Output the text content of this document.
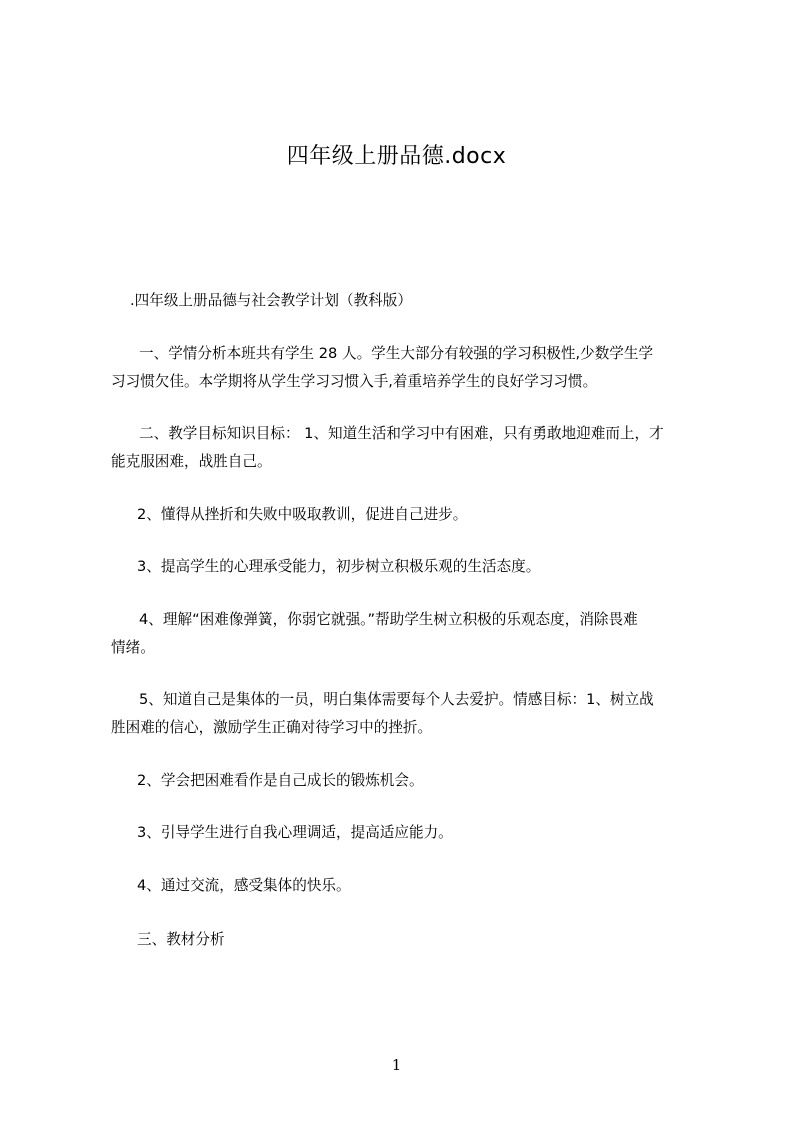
四年级上册品德.docx
.四年级上册品德与社会教学计划（教科版）
一、学情分析本班共有学生 28 人。学生大部分有较强的学习积极性,少数学生学
习习惯欠佳。本学期将从学生学习习惯入手,着重培养学生的良好学习习惯。
二、教学目标知识目标： 1、知道生活和学习中有困难，只有勇敢地迎难而上，才
能克服困难，战胜自己。
2、懂得从挫折和失败中吸取教训，促进自己进步。
3、提高学生的心理承受能力，初步树立积极乐观的生活态度。
4、理解“困难像弹簧，你弱它就强。”帮助学生树立积极的乐观态度，消除畏难
情绪。
5、知道自己是集体的一员，明白集体需要每个人去爱护。情感目标：1、树立战
胜困难的信心，激励学生正确对待学习中的挫折。
2、学会把困难看作是自己成长的锻炼机会。
3、引导学生进行自我心理调适，提高适应能力。
4、通过交流，感受集体的快乐。
三、教材分析
1
